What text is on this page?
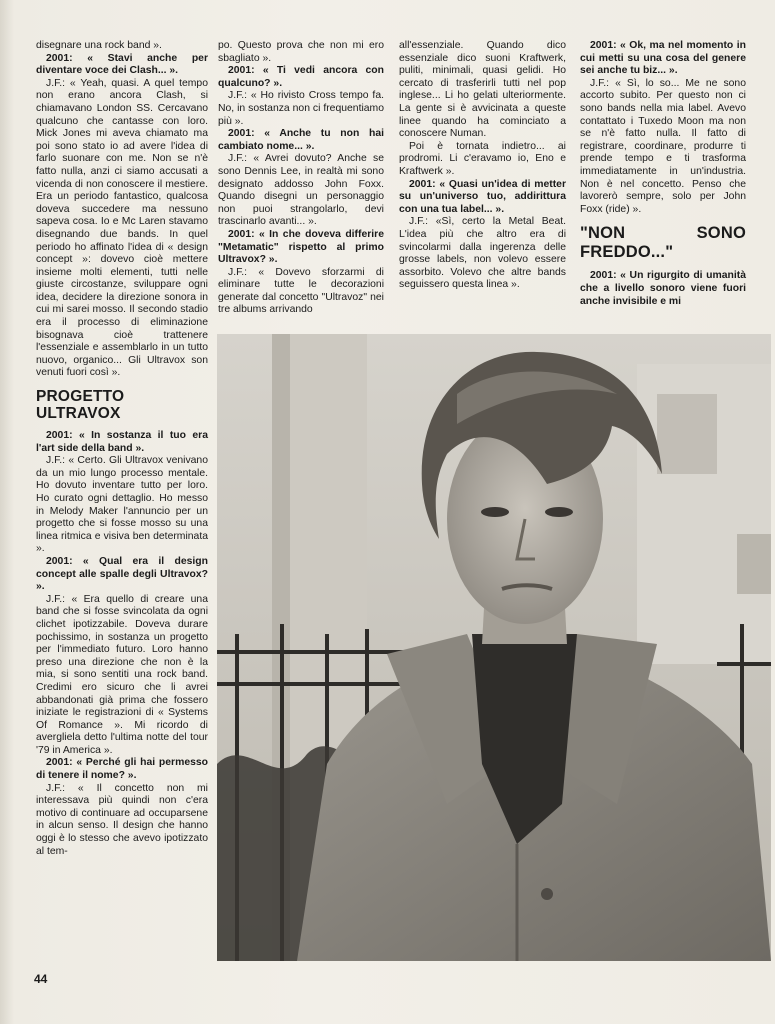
disegnare una rock band ».

2001: « Stavi anche per diventare voce dei Clash... ».

J.F.: « Yeah, quasi. A quel tempo non erano ancora Clash, si chiamavano London SS. Cercavano qualcuno che cantasse con loro. Mick Jones mi aveva chiamato ma poi sono stato io ad avere l'idea di farlo suonare con me. Non se n'è fatto nulla, anzi ci siamo accusati a vicenda di non conoscere il mestiere. Era un periodo fantastico, qualcosa doveva succedere ma nessuno sapeva cosa. Io e Mc Laren stavamo disegnando due bands. In quel periodo ho affinato l'idea di « design concept »: dovevo cioè mettere insieme molti elementi, tutti nelle giuste circostanze, sviluppare ogni idea, decidere la direzione sonora in cui mi sarei mosso. Il secondo stadio era il processo di eliminazione bisognava cioè trattenere l'essenziale e assemblarlo in un tutto nuovo, organico... Gli Ultravox son venuti fuori così ».

PROGETTO ULTRAVOX

2001: « In sostanza il tuo era l'art side della band ».

J.F.: « Certo. Gli Ultravox venivano da un mio lungo processo mentale. Ho dovuto inventare tutto per loro. Ho curato ogni dettaglio. Ho messo in Melody Maker l'annuncio per un progetto che si fosse mosso su una linea ritmica e visiva ben determinata ».

2001: « Qual era il design concept alle spalle degli Ultravox? ».

J.F.: « Era quello di creare una band che si fosse svincolata da ogni clichet ipotizzabile. Doveva durare pochissimo, in sostanza un progetto per l'immediato futuro. Loro hanno preso una direzione che non è la mia, si sono sentiti una rock band. Credimi ero sicuro che li avrei abbandonati già prima che fossero iniziate le registrazioni di « Systems Of Romance ». Mi ricordo di avergliela detto l'ultima notte del tour '79 in America ».

2001: « Perché gli hai permesso di tenere il nome? ».

J.F.: « Il concetto non mi interessava più quindi non c'era motivo di continuare ad occuparsene in alcun senso. Il design che hanno oggi è lo stesso che avevo ipotizzato al tem-

po. Questo prova che non mi ero sbagliato ».

2001: « Ti vedi ancora con qualcuno? ».

J.F.: « Ho rivisto Cross tempo fa. No, in sostanza non ci frequentiamo più ».

2001: « Anche tu non hai cambiato nome... ».

J.F.: « Avrei dovuto? Anche se sono Dennis Lee, in realtà mi sono designato addosso John Foxx. Quando disegni un personaggio non puoi strangolarlo, devi trascinarlo avanti... ».

2001: « In che doveva differire "Metamatic" rispetto al primo Ultravox? ».

J.F.: « Dovevo sforzarmi di eliminare tutte le decorazioni generate dal concetto "Ultravoz" nei tre albums arrivando

all'essenziale. Quando dico essenziale dico suoni Kraftwerk, puliti, minimali, quasi gelidi. Ho cercato di trasferirli tutti nel pop inglese... Li ho gelati ulteriormente. La gente si è avvicinata a queste linee quando ha cominciato a conoscere Numan.

Poi è tornata indietro... ai prodromi. Li c'eravamo io, Eno e Kraftwerk ».

2001: « Quasi un'idea di metter su un'universo tuo, addirittura con una tua label... ».

J.F.: «Sì, certo la Metal Beat. L'idea più che altro era di svincolarmi dalla ingerenza delle grosse labels, non volevo essere assorbito. Volevo che altre bands seguissero questa linea ».

2001: « Ok, ma nel momento in cui metti su una cosa del genere sei anche tu biz... ».

J.F.: « Sì, lo so... Me ne sono accorto subito. Per questo non ci sono bands nella mia label. Avevo contattato i Tuxedo Moon ma non se n'è fatto nulla. Il fatto di registrare, coordinare, produrre ti prende tempo e ti trasforma immediatamente in un'industria. Non è nel concetto. Penso che lavorerò sempre, solo per John Foxx (ride) ».

"NON SONO FREDDO..."

2001: « Un rigurgito di umanità che a livello sonoro viene fuori anche invisibile e mi

44
